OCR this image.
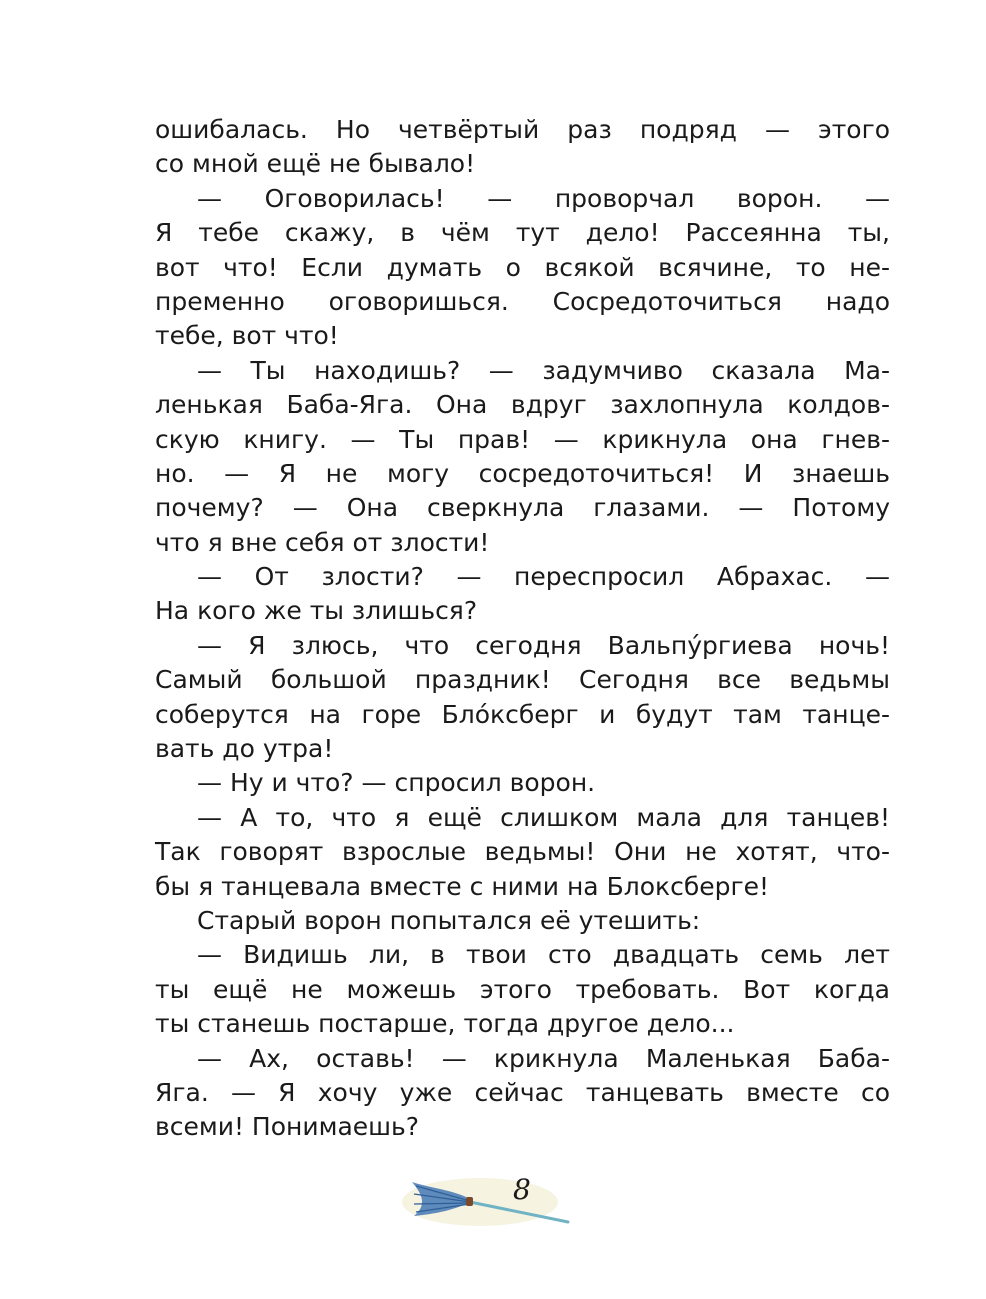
ошибалась. Но четвёртый раз подряд — этого
со мной ещё не бывало!
— Оговорилась! — проворчал ворон. —
Я тебе скажу, в чём тут дело! Рассеянна ты,
вот что! Если думать о всякой всячине, то не-
пременно оговоришься. Сосредоточиться надо
тебе, вот что!
— Ты находишь? — задумчиво сказала Ма-
ленькая Баба-Яга. Она вдруг захлопнула колдов-
скую книгу. — Ты прав! — крикнула она гнев-
но. — Я не могу сосредоточиться! И знаешь
почему? — Она сверкнула глазами. — Потому
что я вне себя от злости!
— От злости? — переспросил Абрахас. —
На кого же ты злишься?
— Я злюсь, что сегодня Вальпу́ргиева ночь!
Самый большой праздник! Сегодня все ведьмы
соберутся на горе Бло́ксберг и будут там танце-
вать до утра!
— Ну и что? — спросил ворон.
— А то, что я ещё слишком мала для танцев!
Так говорят взрослые ведьмы! Они не хотят, что-
бы я танцевала вместе с ними на Блоксберге!
Старый ворон попытался её утешить:
— Видишь ли, в твои сто двадцать семь лет
ты ещё не можешь этого требовать. Вот когда
ты станешь постарше, тогда другое дело...
— Ах, оставь! — крикнула Маленькая Баба-
Яга. — Я хочу уже сейчас танцевать вместе со
всеми! Понимаешь?
8
